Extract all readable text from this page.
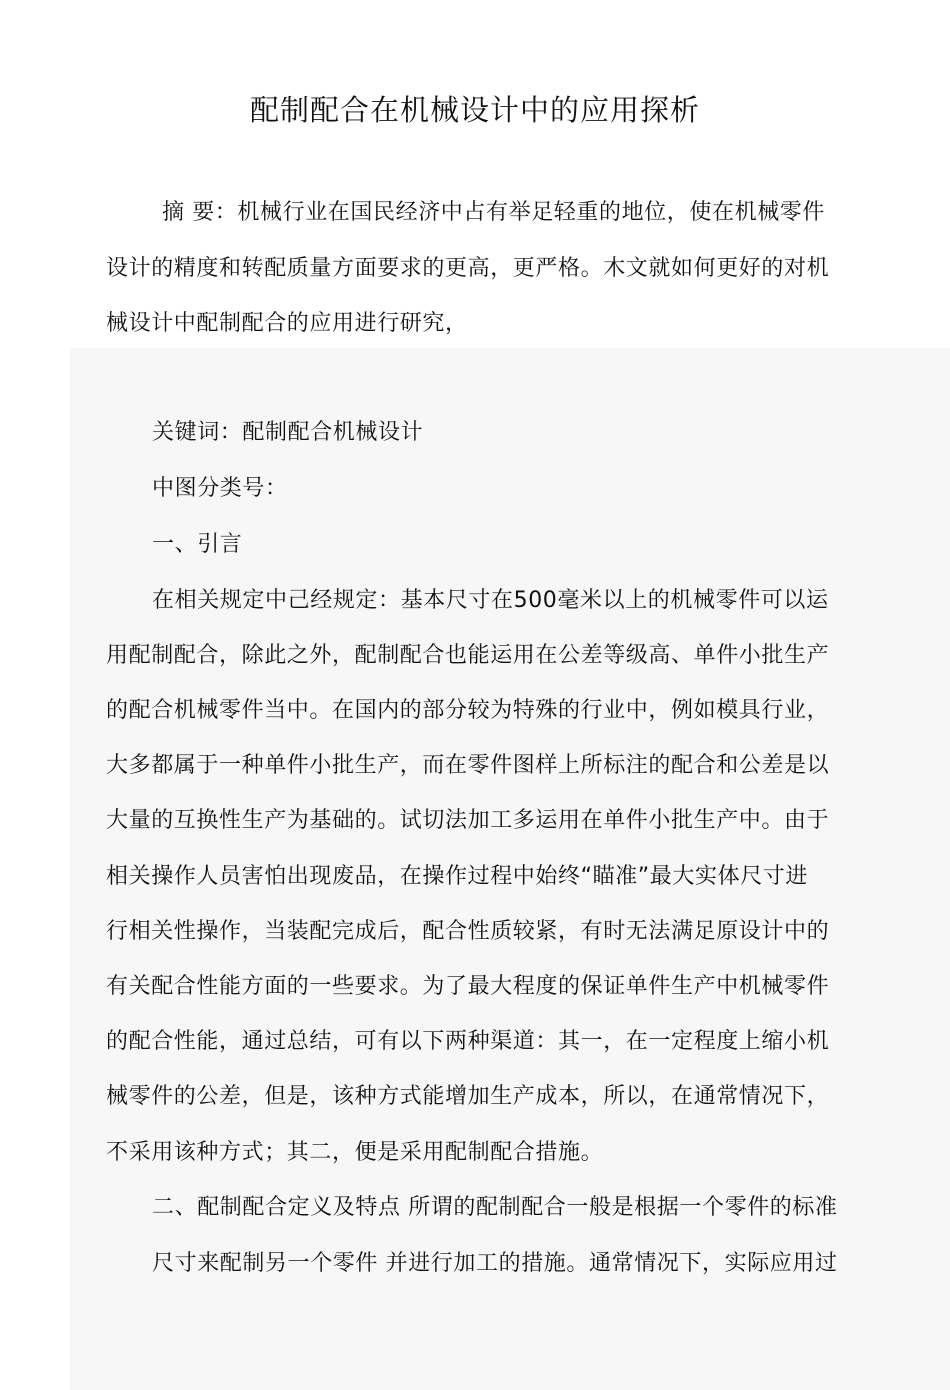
配制配合在机械设计中的应用探析
摘 要：机械行业在国民经济中占有举足轻重的地位，使在机械零件
设计的精度和转配质量方面要求的更高，更严格。木文就如何更好的对机
械设计中配制配合的应用进行研究，
关键词：配制配合机械设计
中图分类号：
一、引言
在相关规定中己经规定：基本尺寸在500毫米以上的机械零件可以运
用配制配合，除此之外，配制配合也能运用在公差等级高、单件小批生产
的配合机械零件当中。在国内的部分较为特殊的行业中，例如模具行业，
大多都属于一种单件小批生产，而在零件图样上所标注的配合和公差是以
大量的互换性生产为基础的。试切法加工多运用在单件小批生产中。由于
相关操作人员害怕出现废品，在操作过程中始终“瞄准”最大实体尺寸进
行相关性操作，当装配完成后，配合性质较紧，有时无法满足原设计中的
有关配合性能方面的一些要求。为了最大程度的保证单件生产中机械零件
的配合性能，通过总结，可有以下两种渠道：其一，在一定程度上缩小机
械零件的公差，但是，该种方式能增加生产成本，所以，在通常情况下，
不采用该种方式；其二，便是采用配制配合措施。
二、配制配合定义及特点 所谓的配制配合一般是根据一个零件的标准
尺寸来配制另一个零件 并进行加工的措施。通常情况下，实际应用过
